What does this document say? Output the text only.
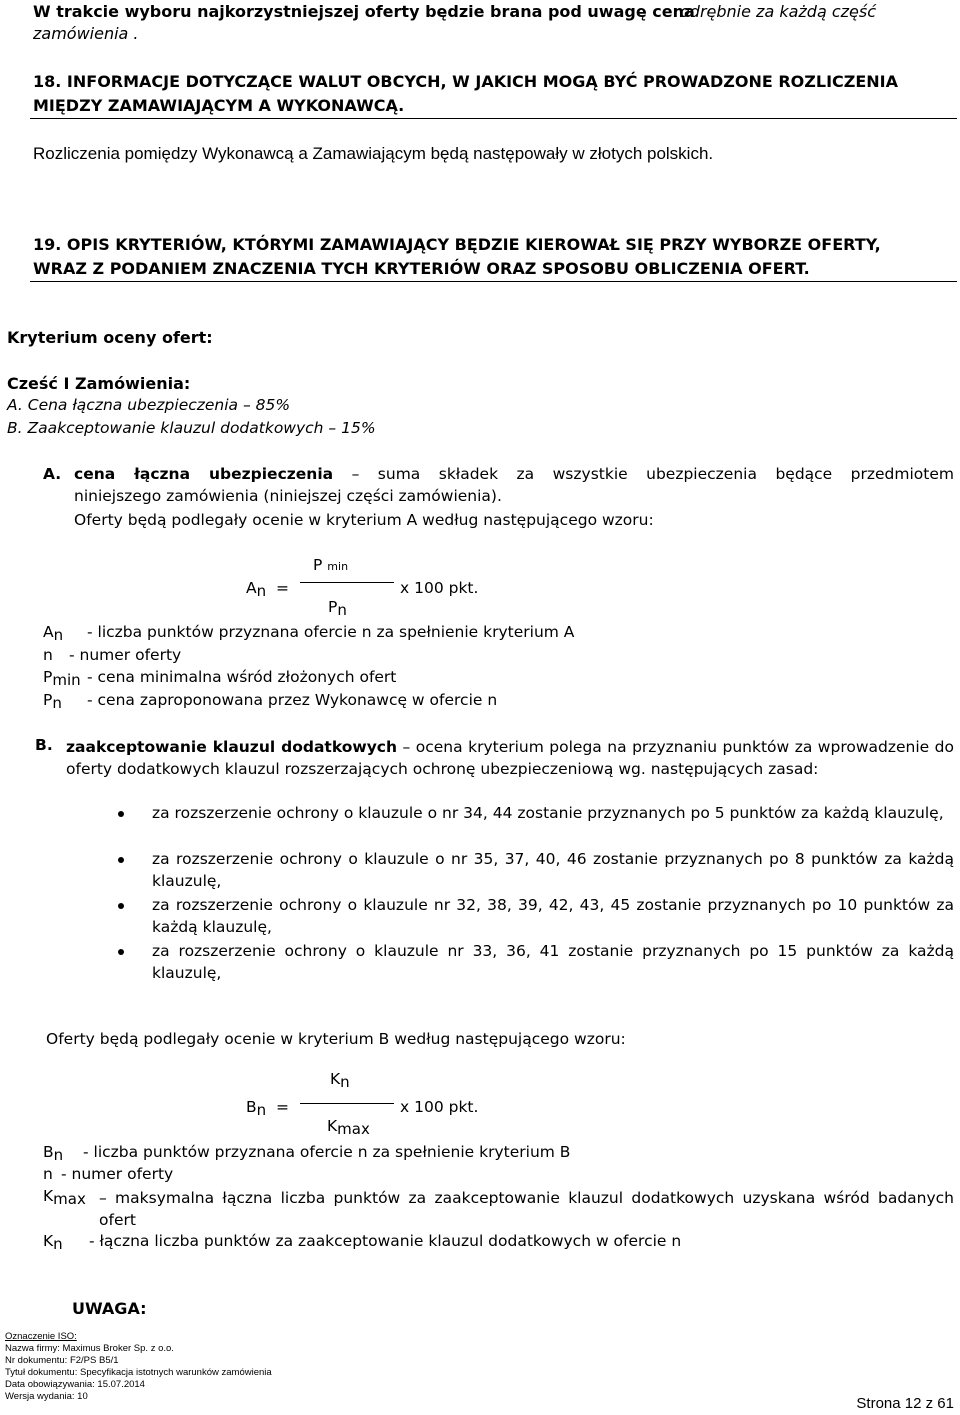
W trakcie wyboru najkorzystniejszej oferty będzie brana pod uwagę cena
odrębnie za każdą część
zamówienia .
18. INFORMACJE DOTYCZĄCE WALUT OBCYCH, W JAKICH MOGĄ BYĆ PROWADZONE ROZLICZENIA
MIĘDZY ZAMAWIAJĄCYM A WYKONAWCĄ.
Rozliczenia pomiędzy Wykonawcą a Zamawiającym będą następowały w złotych polskich.
19. OPIS KRYTERIÓW, KTÓRYMI ZAMAWIAJĄCY BĘDZIE KIEROWAŁ SIĘ PRZY WYBORZE OFERTY,
WRAZ Z PODANIEM ZNACZENIA TYCH KRYTERIÓW ORAZ SPOSOBU OBLICZENIA OFERT.
Kryterium oceny ofert:
Cześć I Zamówienia:
A. Cena łączna ubezpieczenia – 85%
B. Zaakceptowanie klauzul dodatkowych – 15%
A. cena łączna ubezpieczenia – suma składek za wszystkie ubezpieczenia będące przedmiotem
niniejszego zamówienia (niniejszej części zamówienia).
Oferty będą podlegały ocenie w kryterium A według następującego wzoru:
$A_n$ =
P min
$P_n$
x 100 pkt.
$A_n$ - liczba punktów przyznana ofercie n za spełnienie kryterium A
n - numer oferty
$P_{min}$ - cena minimalna wśród złożonych ofert
$P_n$ - cena zaproponowana przez Wykonawcę w ofercie n
B. zaakceptowanie klauzul dodatkowych – ocena kryterium polega na przyznaniu punktów za wprowadzenie do oferty dodatkowych klauzul rozszerzających ochronę ubezpieczeniową wg. następujących zasad:
za rozszerzenie ochrony o klauzule o nr 34, 44 zostanie przyznanych po 5 punktów za każdą klauzulę,
za rozszerzenie ochrony o klauzule o nr 35, 37, 40, 46 zostanie przyznanych po 8 punktów za każdą klauzulę,
za rozszerzenie ochrony o klauzule nr 32, 38, 39, 42, 43, 45 zostanie przyznanych po 10 punktów za każdą klauzulę,
za rozszerzenie ochrony o klauzule nr 33, 36, 41 zostanie przyznanych po 15 punktów za każdą klauzulę,
Oferty będą podlegały ocenie w kryterium B według następującego wzoru:
$B_n$ =
$K_n$
$K_{max}$
x 100 pkt.
$B_n$ - liczba punktów przyznana ofercie n za spełnienie kryterium B
n - numer oferty
$K_{max}$ – maksymalna łączna liczba punktów za zaakceptowanie klauzul dodatkowych uzyskana wśród badanych ofert
$K_n$ - łączna liczba punktów za zaakceptowanie klauzul dodatkowych w ofercie n
UWAGA:
Oznaczenie ISO:
Nazwa firmy: Maximus Broker Sp. z o.o.
Nr dokumentu: F2/PS B5/1
Tytuł dokumentu: Specyfikacja istotnych warunków zamówienia
Data obowiązywania: 15.07.2014
Wersja wydania: 10	Strona 12 z 61
